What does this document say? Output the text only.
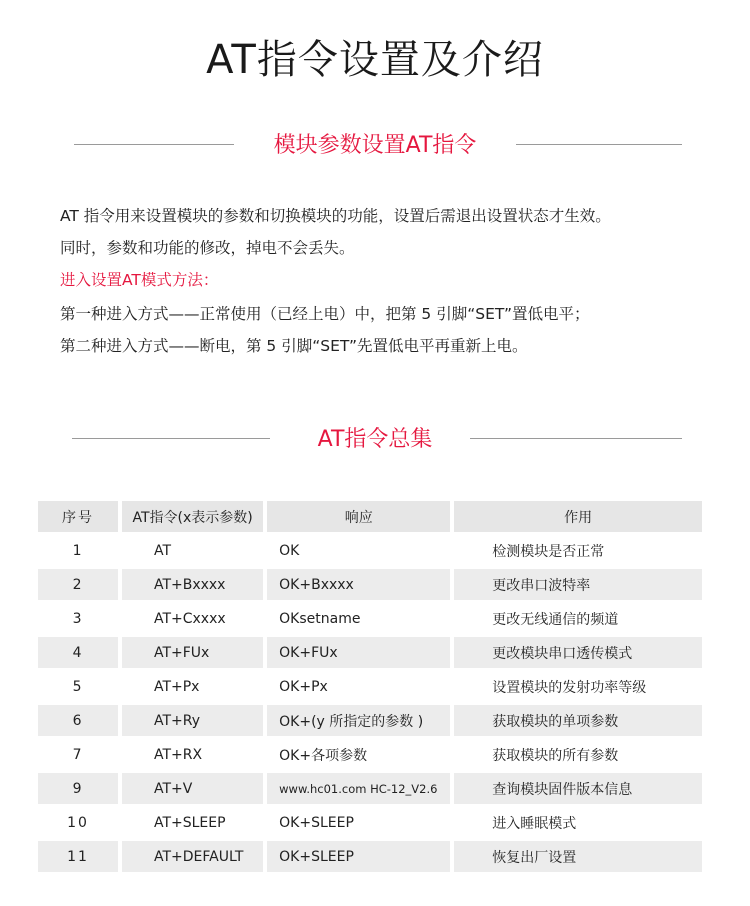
AT指令设置及介绍
模块参数设置AT指令
AT 指令用来设置模块的参数和切换模块的功能，设置后需退出设置状态才生效。
同时，参数和功能的修改，掉电不会丢失。
进入设置AT模式方法：
第一种进入方式——正常使用（已经上电）中，把第 5 引脚“SET”置低电平；
第二种进入方式——断电，第 5 引脚“SET”先置低电平再重新上电。
AT指令总集
序号		AT指令(x表示参数)		响应		作用
1		AT		OK		检测模块是否正常
2		AT+Bxxxx		OK+Bxxxx		更改串口波特率
3		AT+Cxxxx		OKsetname		更改无线通信的频道
4		AT+FUx		OK+FUx		更改模块串口透传模式
5		AT+Px		OK+Px		设置模块的发射功率等级
6		AT+Ry		OK+(y 所指定的参数 )		获取模块的单项参数
7		AT+RX		OK+各项参数		获取模块的所有参数
9		AT+V		www.hc01.com HC-12_V2.6		查询模块固件版本信息
10		AT+SLEEP		OK+SLEEP		进入睡眠模式
11		AT+DEFAULT		OK+SLEEP		恢复出厂设置
